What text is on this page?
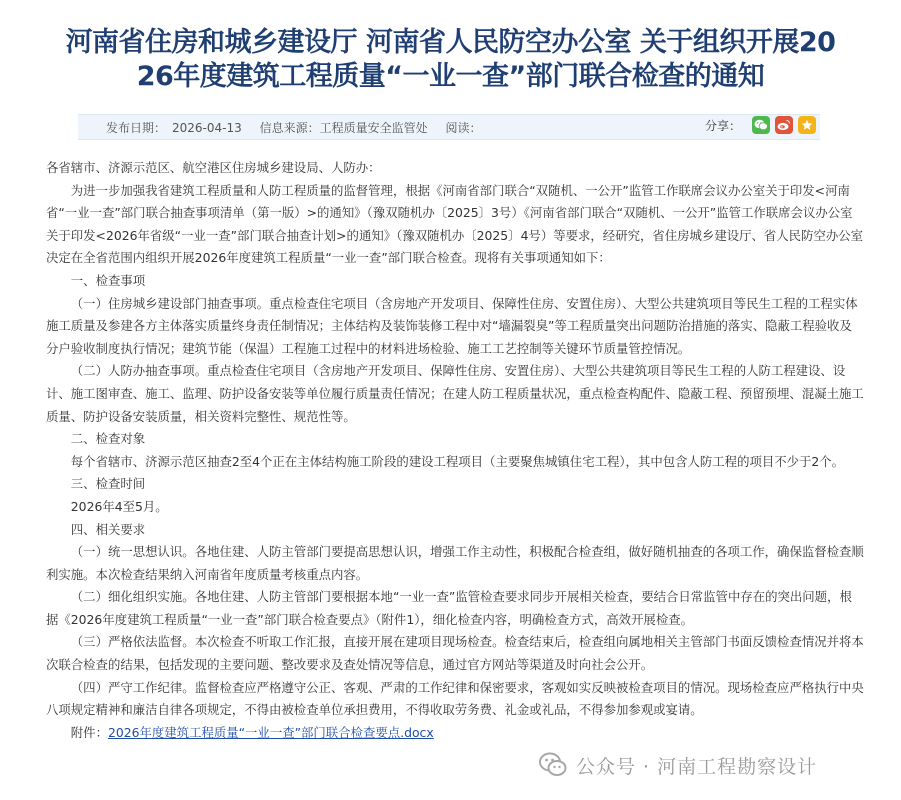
河南省住房和城乡建设厅 河南省人民防空办公室 关于组织开展20
26年度建筑工程质量“一业一查”部门联合检查的通知
发布日期： 2026-04-13 信息来源：工程质量安全监管处 阅读：	分享：

各省辖市、济源示范区、航空港区住房城乡建设局、人防办：

为进一步加强我省建筑工程质量和人防工程质量的监督管理，根据《河南省部门联合“双随机、一公开”监管工作联席会议办公室关于印发<河南省“一业一查”部门联合抽查事项清单（第一版）>的通知》（豫双随机办〔2025〕3号）《河南省部门联合“双随机、一公开”监管工作联席会议办公室关于印发<2026年省级“一业一查”部门联合抽查计划>的通知》（豫双随机办〔2025〕4号）等要求，经研究，省住房城乡建设厅、省人民防空办公室决定在全省范围内组织开展2026年度建筑工程质量“一业一查”部门联合检查。现将有关事项通知如下：

一、检查事项

（一）住房城乡建设部门抽查事项。重点检查住宅项目（含房地产开发项目、保障性住房、安置住房）、大型公共建筑项目等民生工程的工程实体施工质量及参建各方主体落实质量终身责任制情况；主体结构及装饰装修工程中对“墙漏裂臭”等工程质量突出问题防治措施的落实、隐蔽工程验收及分户验收制度执行情况；建筑节能（保温）工程施工过程中的材料进场检验、施工工艺控制等关键环节质量管控情况。

（二）人防办抽查事项。重点检查住宅项目（含房地产开发项目、保障性住房、安置住房）、大型公共建筑项目等民生工程的人防工程建设、设计、施工图审查、施工、监理、防护设备安装等单位履行质量责任情况；在建人防工程质量状况，重点检查构配件、隐蔽工程、预留预埋、混凝土施工质量、防护设备安装质量，相关资料完整性、规范性等。

二、检查对象

每个省辖市、济源示范区抽查2至4个正在主体结构施工阶段的建设工程项目（主要聚焦城镇住宅工程），其中包含人防工程的项目不少于2个。

三、检查时间

2026年4至5月。

四、相关要求

（一）统一思想认识。各地住建、人防主管部门要提高思想认识，增强工作主动性，积极配合检查组，做好随机抽查的各项工作，确保监督检查顺利实施。本次检查结果纳入河南省年度质量考核重点内容。

（二）细化组织实施。各地住建、人防主管部门要根据本地“一业一查”监管检查要求同步开展相关检查，要结合日常监管中存在的突出问题，根据《2026年度建筑工程质量“一业一查”部门联合检查要点》（附件1），细化检查内容，明确检查方式，高效开展检查。

（三）严格依法监督。本次检查不听取工作汇报，直接开展在建项目现场检查。检查结束后，检查组向属地相关主管部门书面反馈检查情况并将本次联合检查的结果，包括发现的主要问题、整改要求及查处情况等信息，通过官方网站等渠道及时向社会公开。

（四）严守工作纪律。监督检查应严格遵守公正、客观、严肃的工作纪律和保密要求，客观如实反映被检查项目的情况。现场检查应严格执行中央八项规定精神和廉洁自律各项规定，不得由被检查单位承担费用，不得收取劳务费、礼金或礼品，不得参加参观或宴请。

附件：2026年度建筑工程质量“一业一查”部门联合检查要点.docx

公众号 · 河南工程勘察设计
